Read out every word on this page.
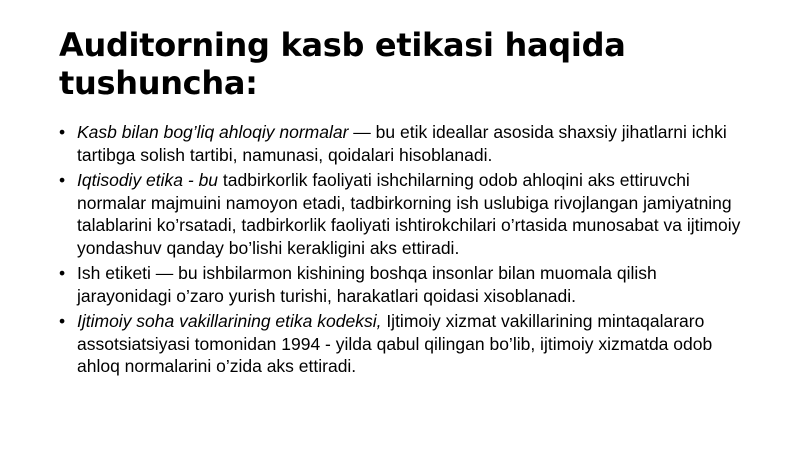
Auditorning kasb etikasi haqida tushuncha:
• Kasb bilan bog’liq ahloqiy normalar — bu etik ideallar asosida shaxsiy jihatlarni ichki tartibga solish tartibi, namunasi, qoidalari hisoblanadi.
• Iqtisodiy etika - bu tadbirkorlik faoliyati ishchilarning odob ahloqini aks ettiruvchi normalar majmuini namoyon etadi, tadbirkorning ish uslubiga rivojlangan jamiyatning talablarini ko’rsatadi, tadbirkorlik faoliyati ishtirokchilari o’rtasida munosabat va ijtimoiy yondashuv qanday bo’lishi kerakligini aks ettiradi.
• Ish etiketi — bu ishbilarmon kishining boshqa insonlar bilan muomala qilish jarayonidagi o’zaro yurish turishi, harakatlari qoidasi xisoblanadi.
• Ijtimoiy soha vakillarining etika kodeksi, Ijtimoiy xizmat vakillarining mintaqalararo assotsiatsiyasi tomonidan 1994 - yilda qabul qilingan bo’lib, ijtimoiy xizmatda odob ahloq normalarini o’zida aks ettiradi.
